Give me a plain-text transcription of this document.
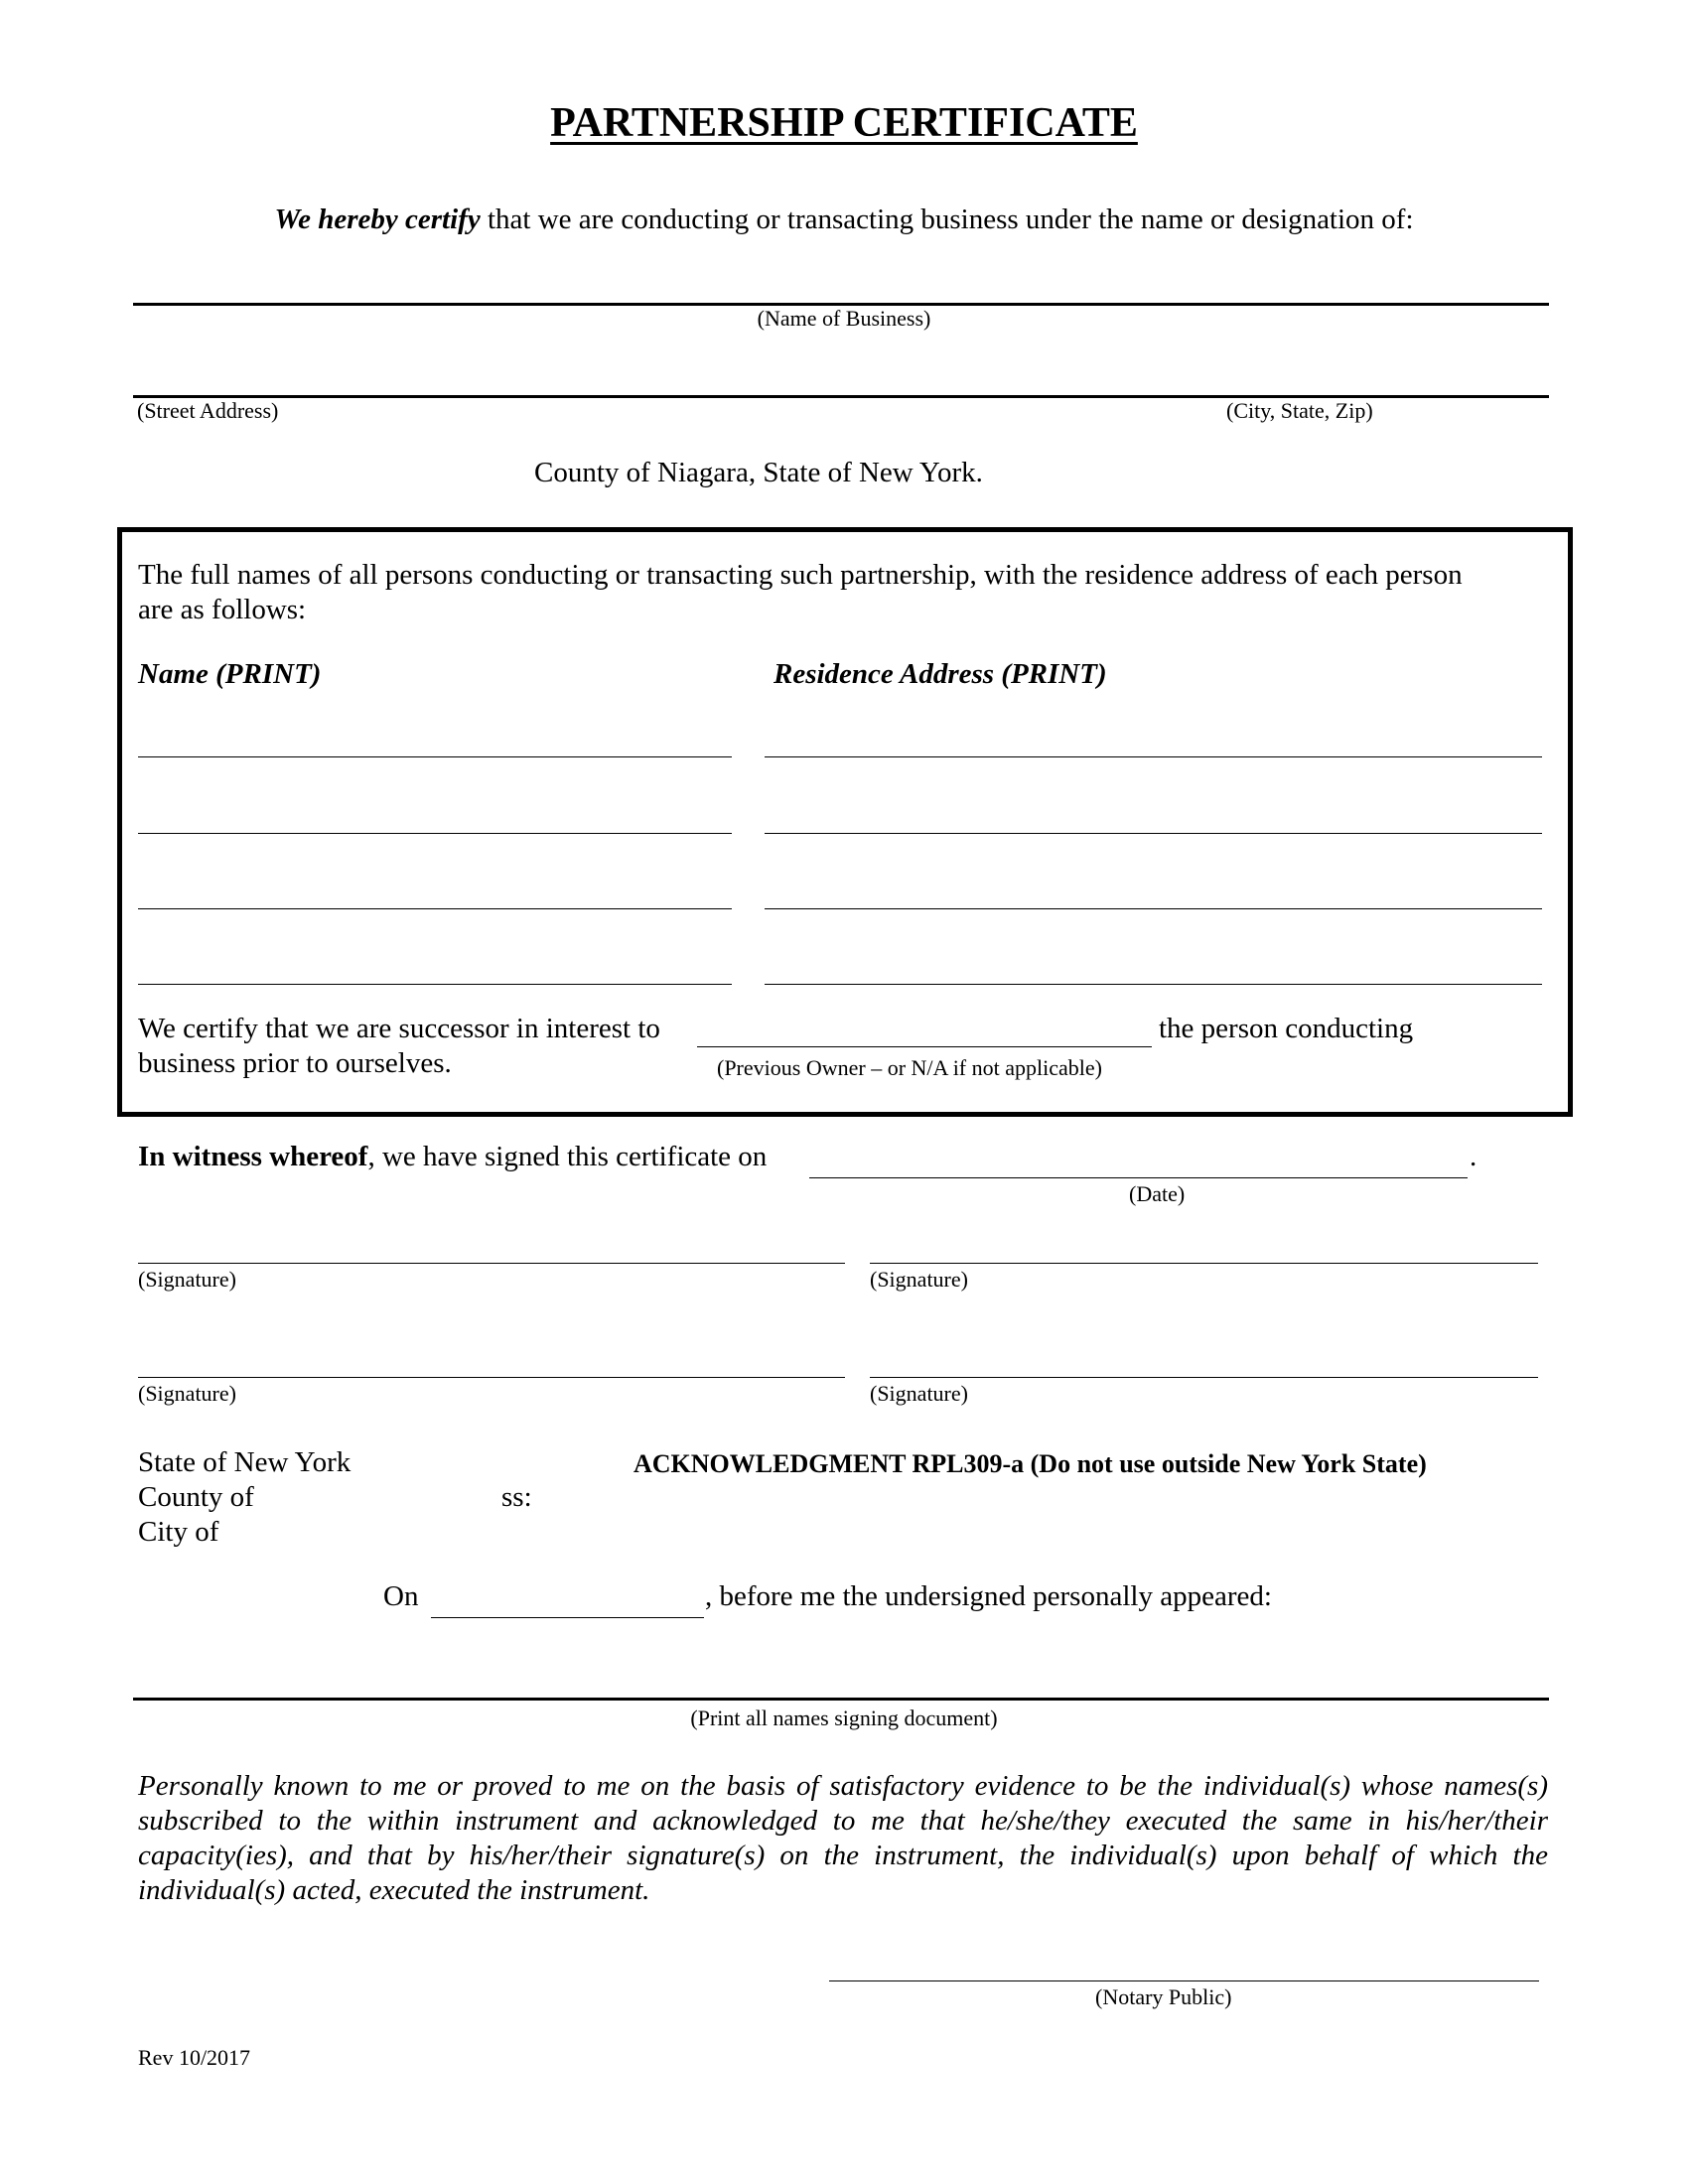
PARTNERSHIP CERTIFICATE
We hereby certify that we are conducting or transacting business under the name or designation of:
(Name of Business)
(Street Address)	(City, State, Zip)
County of Niagara, State of New York.
The full names of all persons conducting or transacting such partnership, with the residence address of each person
are as follows:
Name (PRINT)	Residence Address (PRINT)
We certify that we are successor in interest to	the person conducting
business prior to ourselves.	(Previous Owner – or N/A if not applicable)
In witness whereof, we have signed this certificate on	.
(Date)
(Signature)	(Signature)
(Signature)	(Signature)
State of New York
County of
City of
ss:
ACKNOWLEDGMENT RPL309-a (Do not use outside New York State)
On	, before me the undersigned personally appeared:
(Print all names signing document)
Personally known to me or proved to me on the basis of satisfactory evidence to be the individual(s) whose names(s) subscribed to the within instrument and acknowledged to me that he/she/they executed the same in his/her/their capacity(ies), and that by his/her/their signature(s) on the instrument, the individual(s) upon behalf of which the individual(s) acted, executed the instrument.
(Notary Public)
Rev 10/2017
